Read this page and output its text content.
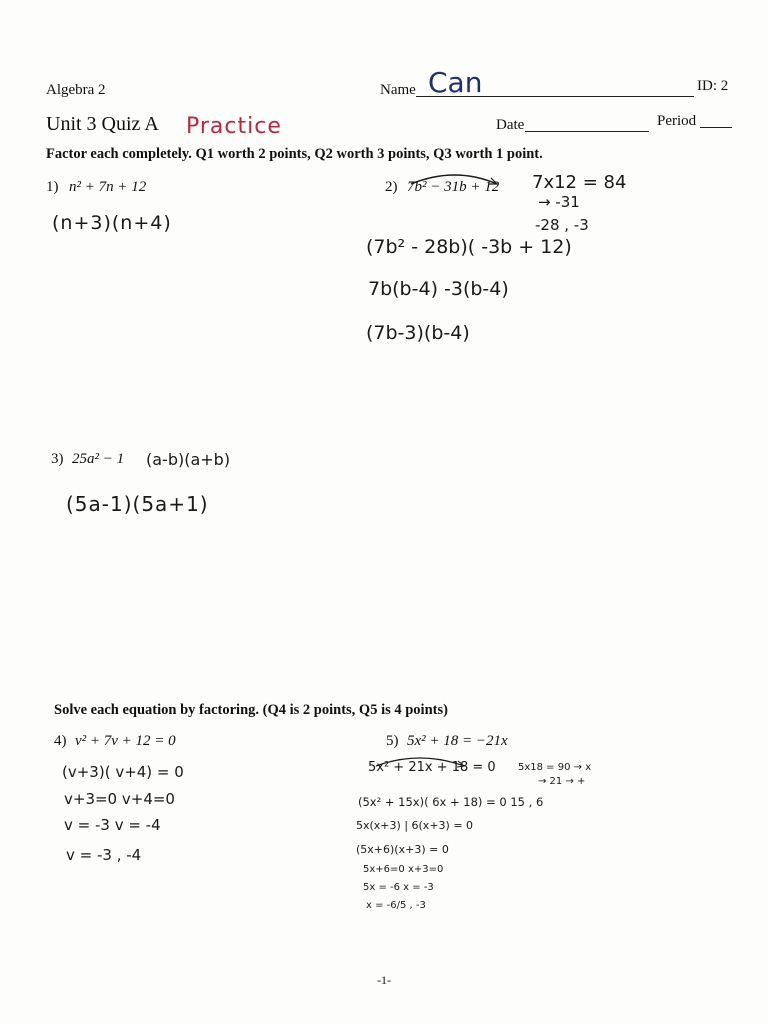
Algebra 2	Name Can	ID: 2
Unit 3 Quiz A Practice	Date	Period
Factor each completely. Q1 worth 2 points, Q2 worth 3 points, Q3 worth 1 point.
1) n² + 7n + 12
(n+3)(n+4)
2) 7b² − 31b + 12 7x12 = 84
→ -31
-28 , -3
(7b² - 28b)( -3b + 12)
7b(b-4) -3(b-4)
(7b-3)(b-4)
3) 25a² − 1 (a-b)(a+b)
(5a-1)(5a+1)
Solve each equation by factoring. (Q4 is 2 points, Q5 is 4 points)
4) v² + 7v + 12 = 0
(v+3)( v+4) = 0
v+3=0 v+4=0
v = -3 v = -4
v = -3 , -4
5) 5x² + 18 = −21x
5x² + 21x + 18 = 0 5x18 = 90 → x
→ 21 → +
(5x² + 15x)( 6x + 18) = 0 15 , 6
5x(x+3) | 6(x+3) = 0
(5x+6)(x+3) = 0
5x+6=0 x+3=0
5x = -6 x = -3
x = -6/5 , -3
-1-
